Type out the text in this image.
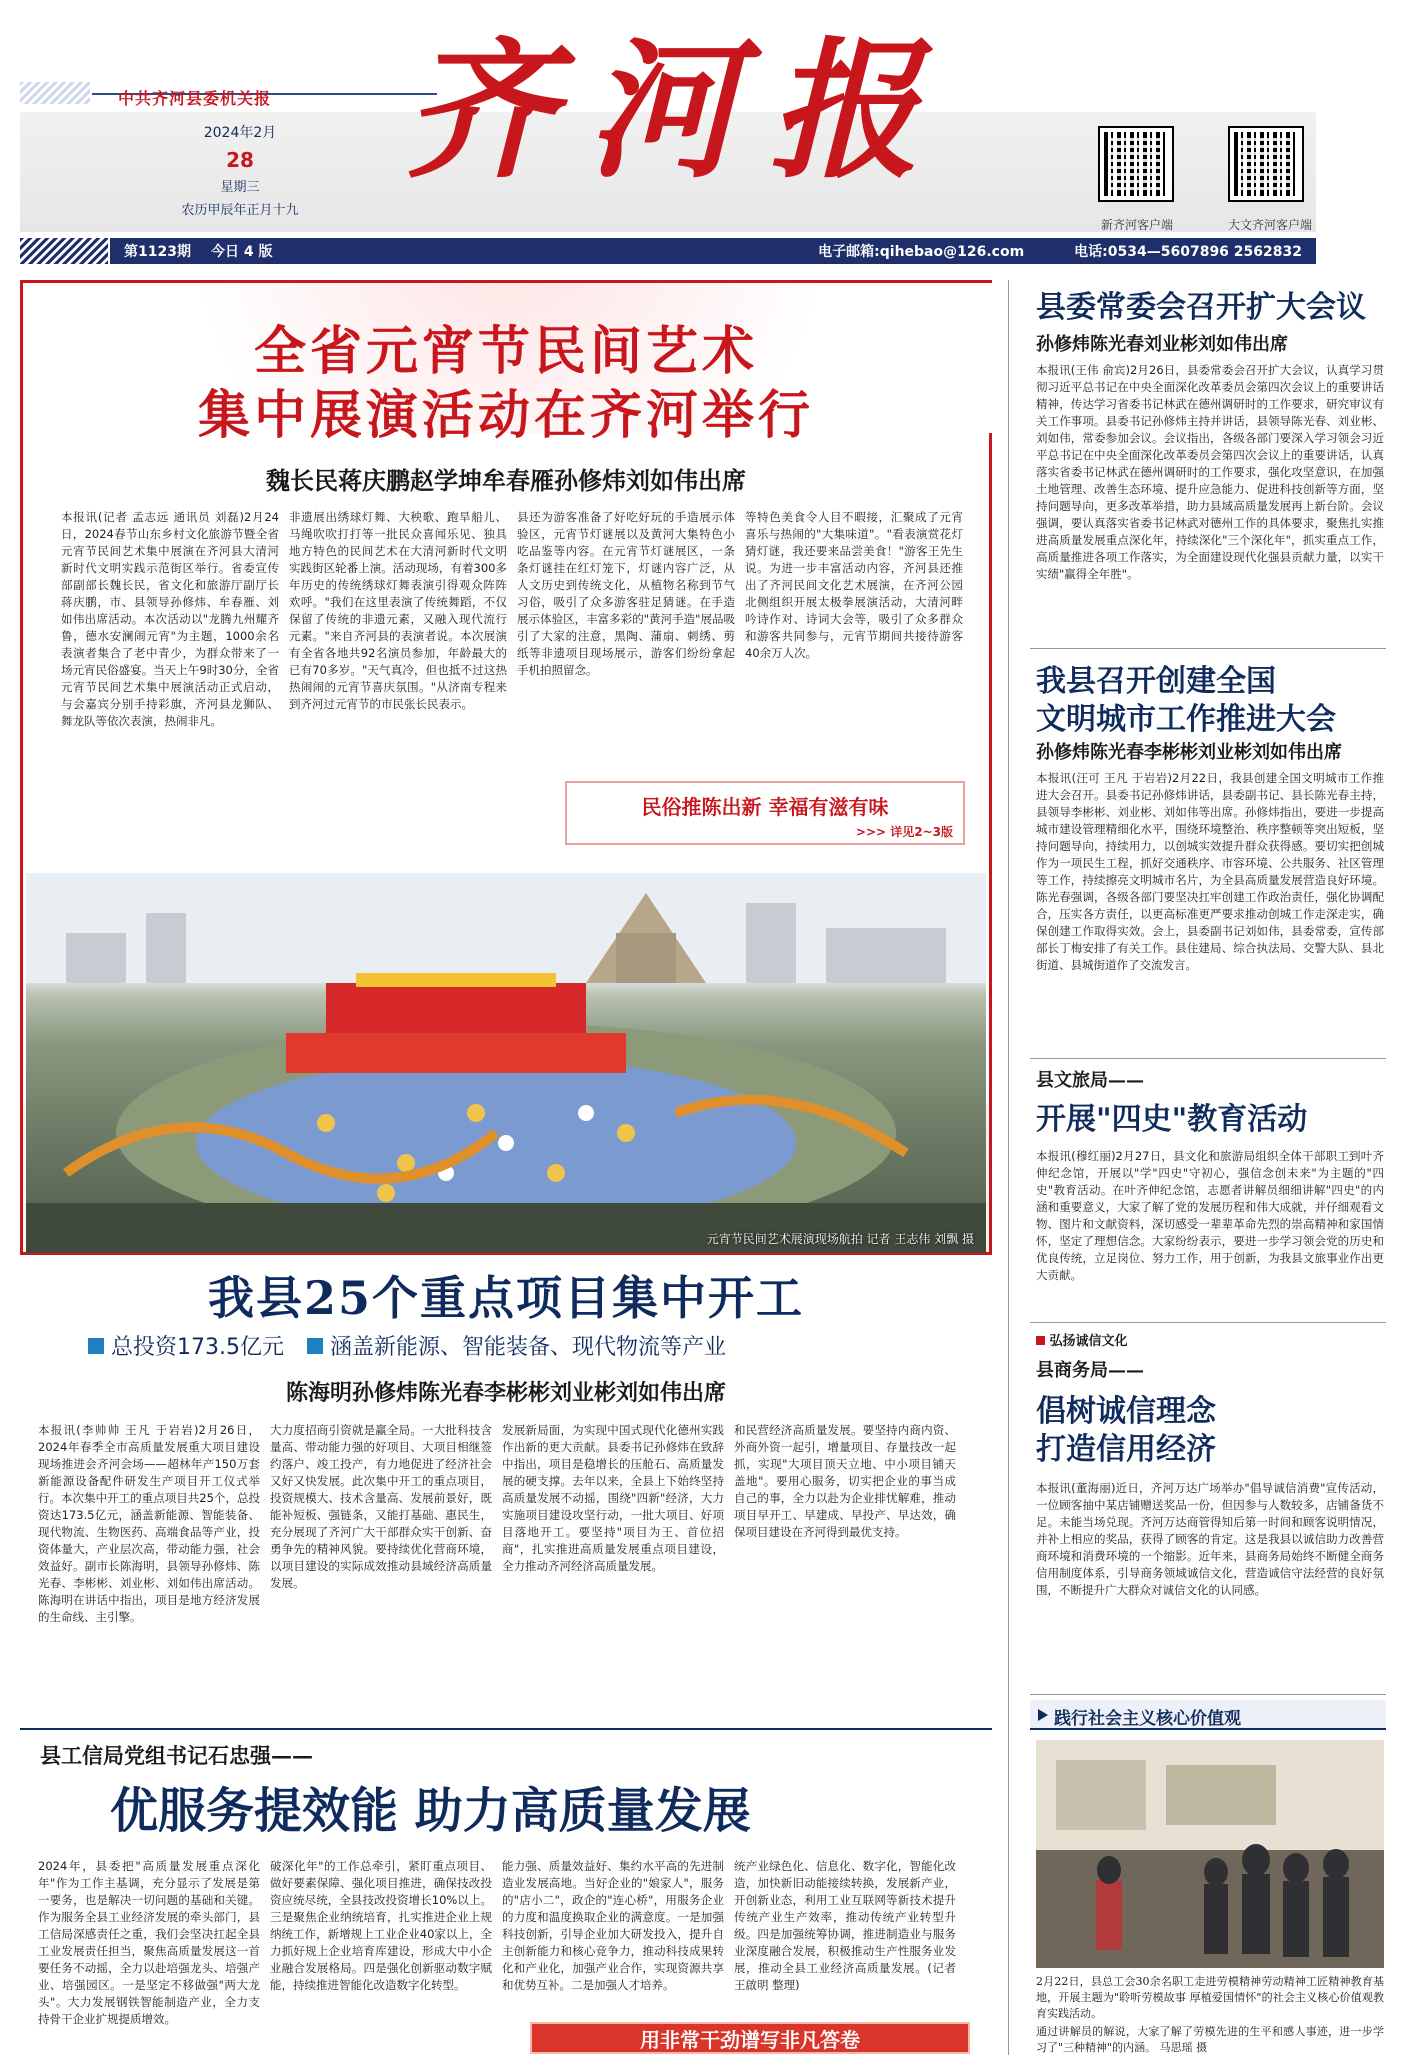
中共齐河县委机关报 齐河报
2024年2月
28
星期三
农历甲辰年正月十九
新齐河客户端	大文齐河客户端
第1123期 今日 4 版	电子邮箱:qihebao@126.com	电话:0534—5607896 2562832
全省元宵节民间艺术
集中展演活动在齐河举行
魏长民蒋庆鹏赵学坤牟春雁孙修炜刘如伟出席
本报讯(记者 孟志远 通讯员 刘磊)2月24日，2024春节山东乡村文化旅游节暨全省元宵节民间艺术集中展演在齐河县大清河新时代文明实践示范街区举行。省委宣传部副部长魏长民，省文化和旅游厅副厅长蒋庆鹏，市、县领导孙修炜、牟春雁、刘如伟出席活动。本次活动以"龙腾九州耀齐鲁，德水安澜闹元宵"为主题，1000余名表演者集合了老中青少，为群众带来了一场元宵民俗盛宴。当天上午9时30分，全省元宵节民间艺术集中展演活动正式启动，与会嘉宾分别手持彩旗，齐河县龙狮队、舞龙队等依次表演，热闹非凡。
非遗展出绣球灯舞、大秧歌、跑旱船儿、马绳吹吹打打等一批民众喜闻乐见、独具地方特色的民间艺术在大清河新时代文明实践街区轮番上演。活动现场，有着300多年历史的传统绣球灯舞表演引得观众阵阵欢呼。"我们在这里表演了传统舞蹈，不仅保留了传统的非遗元素，又融入现代流行元素。"来自齐河县的表演者说。本次展演有全省各地共92名演员参加，年龄最大的已有70多岁。"天气真冷，但也抵不过这热热闹闹的元宵节喜庆氛围。"从济南专程来到齐河过元宵节的市民张长民表示。
县还为游客准备了好吃好玩的手造展示体验区，元宵节灯谜展以及黄河大集特色小吃品鉴等内容。在元宵节灯谜展区，一条条灯谜挂在红灯笼下，灯谜内容广泛，从人文历史到传统文化，从植物名称到节气习俗，吸引了众多游客驻足猜谜。在手造展示体验区，丰富多彩的"黄河手造"展品吸引了大家的注意，黑陶、蒲扇、刺绣、剪纸等非遗项目现场展示，游客们纷纷拿起手机拍照留念。
等特色美食令人目不暇接，汇聚成了元宵喜乐与热闹的"大集味道"。"看表演赏花灯猜灯谜，我还要来品尝美食！"游客王先生说。为进一步丰富活动内容，齐河县还推出了齐河民间文化艺术展演，在齐河公园北侧组织开展太极拳展演活动，大清河畔吟诗作对、诗词大会等，吸引了众多群众和游客共同参与，元宵节期间共接待游客40余万人次。
民俗推陈出新 幸福有滋有味
>>> 详见2~3版
元宵节民间艺术展演现场航拍 记者 王志伟 刘飘 摄
我县25个重点项目集中开工
总投资173.5亿元 涵盖新能源、智能装备、现代物流等产业
陈海明孙修炜陈光春李彬彬刘业彬刘如伟出席
本报讯(李帅帅 王凡 于岩岩)2月26日，2024年春季全市高质量发展重大项目建设现场推进会齐河会场——超林年产150万套新能源设备配件研发生产项目开工仪式举行。本次集中开工的重点项目共25个，总投资达173.5亿元，涵盖新能源、智能装备、现代物流、生物医药、高端食品等产业，投资体量大，产业层次高，带动能力强，社会效益好。副市长陈海明，县领导孙修炜、陈光春、李彬彬、刘业彬、刘如伟出席活动。陈海明在讲话中指出，项目是地方经济发展的生命线、主引擎。
大力度招商引资就是赢全局。一大批科技含量高、带动能力强的好项目、大项目相继签约落户、竣工投产，有力地促进了经济社会又好又快发展。此次集中开工的重点项目，投资规模大、技术含量高、发展前景好，既能补短板、强链条，又能打基础、惠民生，充分展现了齐河广大干部群众实干创新、奋勇争先的精神风貌。要持续优化营商环境，以项目建设的实际成效推动县域经济高质量发展。
发展新局面，为实现中国式现代化德州实践作出新的更大贡献。县委书记孙修炜在致辞中指出，项目是稳增长的压舱石、高质量发展的硬支撑。去年以来，全县上下始终坚持高质量发展不动摇，围绕"四新"经济，大力实施项目建设攻坚行动，一批大项目、好项目落地开工。要坚持"项目为王、首位招商"，扎实推进高质量发展重点项目建设，全力推动齐河经济高质量发展。
和民营经济高质量发展。要坚持内商内资、外商外资一起引，增量项目、存量技改一起抓，实现"大项目顶天立地、中小项目铺天盖地"。要用心服务，切实把企业的事当成自己的事，全力以赴为企业排忧解难，推动项目早开工、早建成、早投产、早达效，确保项目建设在齐河得到最优支持。
县工信局党组书记石忠强——
优服务提效能 助力高质量发展
2024年，县委把"高质量发展重点深化年"作为工作主基调，充分显示了发展是第一要务，也是解决一切问题的基础和关键。作为服务全县工业经济发展的牵头部门，县工信局深感责任之重，我们会坚决扛起全县工业发展责任担当，聚焦高质量发展这一首要任务不动摇，全力以赴培强龙头、培强产业、培强园区。一是坚定不移做强"两大龙头"。大力发展钢铁智能制造产业，全力支持骨干企业扩规提质增效。
破深化年"的工作总牵引，紧盯重点项目、做好要素保障、强化项目推进，确保技改投资应统尽统，全县技改投资增长10%以上。三是聚焦企业纳统培育，扎实推进企业上规纳统工作，新增规上工业企业40家以上，全力抓好规上企业培育库建设，形成大中小企业融合发展格局。四是强化创新驱动数字赋能，持续推进智能化改造数字化转型。
能力强、质量效益好、集约水平高的先进制造业发展高地。当好企业的"娘家人"，服务的"店小二"，政企的"连心桥"，用服务企业的力度和温度换取企业的满意度。一是加强科技创新，引导企业加大研发投入，提升自主创新能力和核心竞争力，推动科技成果转化和产业化，加强产业合作，实现资源共享和优势互补。二是加强人才培养。
统产业绿色化、信息化、数字化，智能化改造，加快新旧动能接续转换，发展新产业，开创新业态，利用工业互联网等新技术提升传统产业生产效率，推动传统产业转型升级。四是加强统筹协调，推进制造业与服务业深度融合发展，积极推动生产性服务业发展，推动全县工业经济高质量发展。(记者 王啟明 整理)
用非常干劲谱写非凡答卷
县委常委会召开扩大会议
孙修炜陈光春刘业彬刘如伟出席
本报讯(王伟 俞宾)2月26日，县委常委会召开扩大会议，认真学习贯彻习近平总书记在中央全面深化改革委员会第四次会议上的重要讲话精神，传达学习省委书记林武在德州调研时的工作要求，研究审议有关工作事项。县委书记孙修炜主持并讲话，县领导陈光春、刘业彬、刘如伟，常委参加会议。会议指出，各级各部门要深入学习领会习近平总书记在中央全面深化改革委员会第四次会议上的重要讲话，认真落实省委书记林武在德州调研时的工作要求，强化攻坚意识，在加强土地管理、改善生态环境、提升应急能力、促进科技创新等方面，坚持问题导向，更多改革举措，助力县域高质量发展再上新台阶。会议强调，要认真落实省委书记林武对德州工作的具体要求，聚焦扎实推进高质量发展重点深化年，持续深化"三个深化年"，抓实重点工作，高质量推进各项工作落实，为全面建设现代化强县贡献力量，以实干实绩"赢得全年胜"。
我县召开创建全国
文明城市工作推进大会
孙修炜陈光春李彬彬刘业彬刘如伟出席
本报讯(汪可 王凡 于岩岩)2月22日，我县创建全国文明城市工作推进大会召开。县委书记孙修炜讲话，县委副书记、县长陈光春主持，县领导李彬彬、刘业彬、刘如伟等出席。孙修炜指出，要进一步提高城市建设管理精细化水平，围绕环境整治、秩序整顿等突出短板，坚持问题导向，持续用力，以创城实效提升群众获得感。要切实把创城作为一项民生工程，抓好交通秩序、市容环境、公共服务、社区管理等工作，持续擦亮文明城市名片，为全县高质量发展营造良好环境。陈光春强调，各级各部门要坚决扛牢创建工作政治责任，强化协调配合，压实各方责任，以更高标准更严要求推动创城工作走深走实，确保创建工作取得实效。会上，县委副书记刘如伟，县委常委，宣传部部长丁梅安排了有关工作。县住建局、综合执法局、交警大队、县北街道、县城街道作了交流发言。
县文旅局——
开展"四史"教育活动
本报讯(穆红丽)2月27日，县文化和旅游局组织全体干部职工到叶齐伸纪念馆，开展以"学"四史"守初心，强信念创未来"为主题的"四史"教育活动。在叶齐伸纪念馆，志愿者讲解员细细讲解"四史"的内涵和重要意义，大家了解了党的发展历程和伟大成就，并仔细观看文物、图片和文献资料，深切感受一辈辈革命先烈的崇高精神和家国情怀，坚定了理想信念。大家纷纷表示，要进一步学习领会党的历史和优良传统，立足岗位、努力工作，用于创新，为我县文旅事业作出更大贡献。
弘扬诚信文化
县商务局——
倡树诚信理念
打造信用经济
本报讯(董海丽)近日，齐河万达广场举办"倡导诚信消费"宣传活动，一位顾客抽中某店铺赠送奖品一份，但因参与人数较多，店铺备货不足。未能当场兑现。齐河万达商管得知后第一时间和顾客说明情况，并补上相应的奖品，获得了顾客的肯定。这是我县以诚信助力改善营商环境和消费环境的一个缩影。近年来，县商务局始终不断健全商务信用制度体系，引导商务领域诚信文化，营造诚信守法经营的良好氛围，不断提升广大群众对诚信文化的认同感。
践行社会主义核心价值观
2月22日，县总工会30余名职工走进劳模精神劳动精神工匠精神教育基地，开展主题为"聆听劳模故事 厚植爱国情怀"的社会主义核心价值观教育实践活动。
通过讲解员的解说，大家了解了劳模先进的生平和感人事迹，进一步学习了"三种精神"的内涵。 马思瑶 摄
